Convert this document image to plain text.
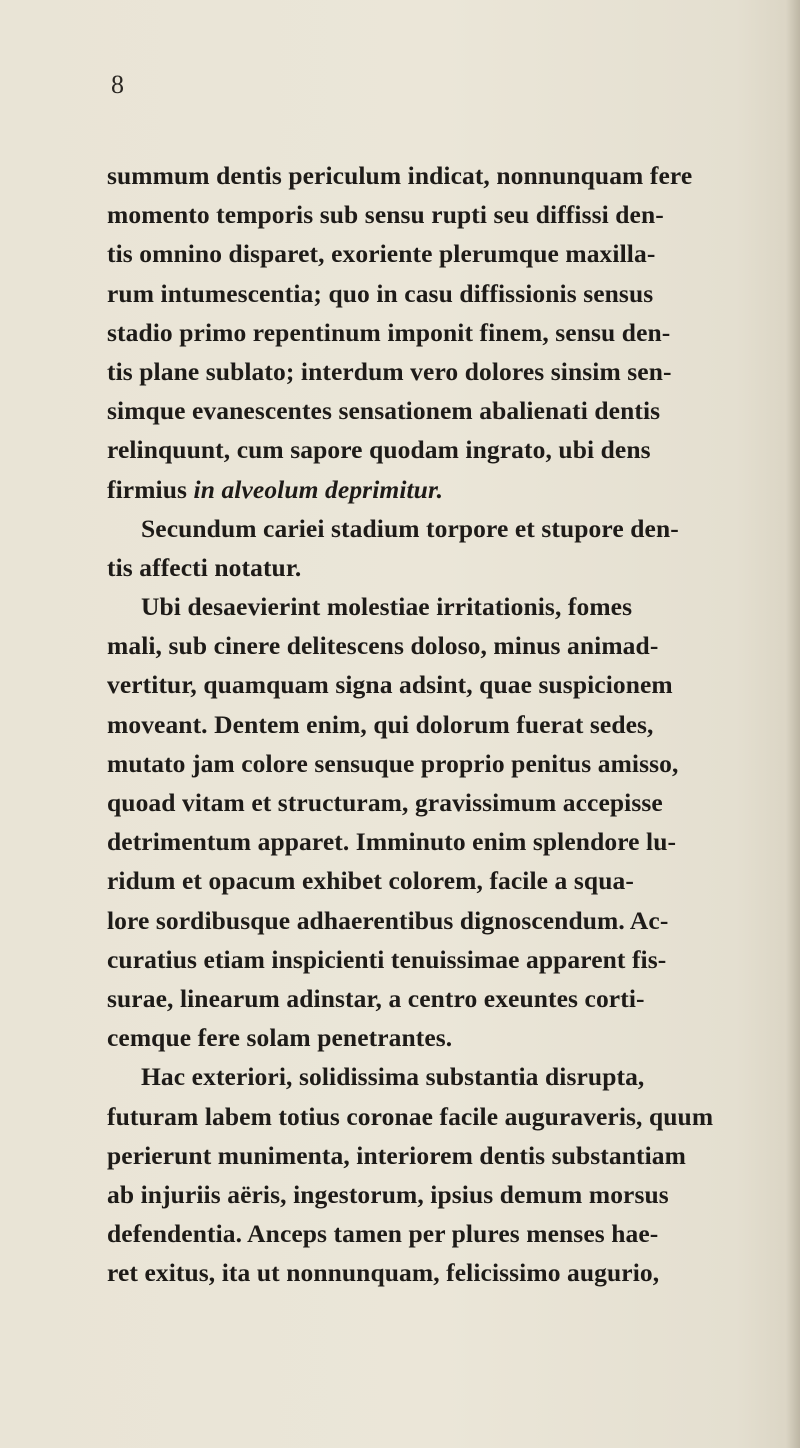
8
summum dentis periculum indicat, nonnunquam fere
momento temporis sub sensu rupti seu diffissi den-
tis omnino disparet, exoriente plerumque maxilla-
rum intumescentia; quo in casu diffissionis sensus
stadio primo repentinum imponit finem, sensu den-
tis plane sublato; interdum vero dolores sinsim sen-
simque evanescentes sensationem abalienati dentis
relinquunt, cum sapore quodam ingrato, ubi dens
firmius in alveolum deprimitur.
Secundum cariei stadium torpore et stupore den-
tis affecti notatur.
Ubi desaevierint molestiae irritationis, fomes
mali, sub cinere delitescens doloso, minus animad-
vertitur, quamquam signa adsint, quae suspicionem
moveant. Dentem enim, qui dolorum fuerat sedes,
mutato jam colore sensuque proprio penitus amisso,
quoad vitam et structuram, gravissimum accepisse
detrimentum apparet. Imminuto enim splendore lu-
ridum et opacum exhibet colorem, facile a squa-
lore sordibusque adhaerentibus dignoscendum. Ac-
curatius etiam inspicienti tenuissimae apparent fis-
surae, linearum adinstar, a centro exeuntes corti-
cemque fere solam penetrantes.
Hac exteriori, solidissima substantia disrupta,
futuram labem totius coronae facile auguraveris, quum
perierunt munimenta, interiorem dentis substantiam
ab injuriis aëris, ingestorum, ipsius demum morsus
defendentia. Anceps tamen per plures menses hae-
ret exitus, ita ut nonnunquam, felicissimo augurio,
